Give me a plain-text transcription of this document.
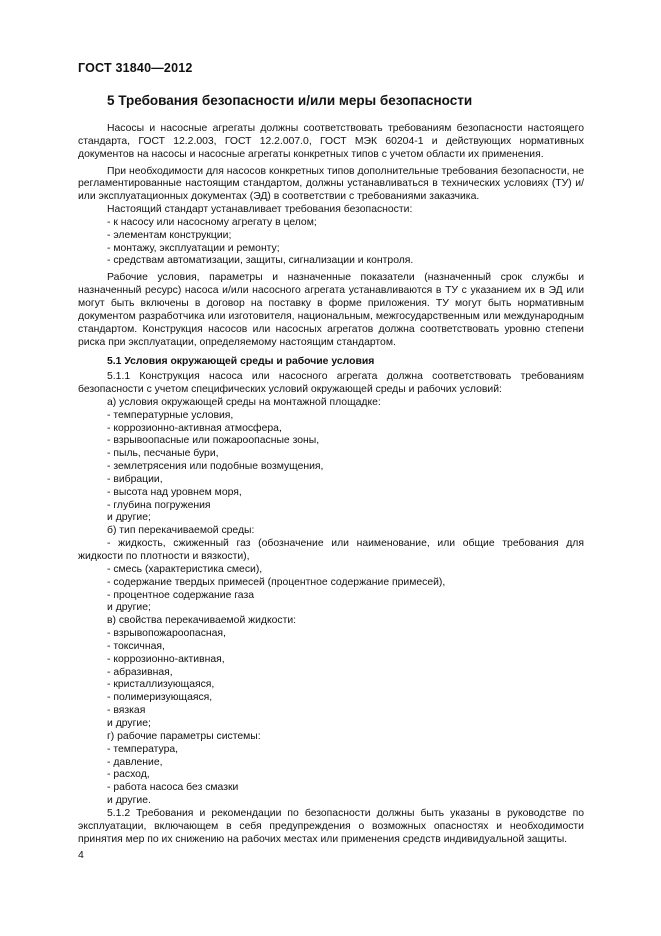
ГОСТ 31840—2012
5 Требования безопасности и/или меры безопасности
Насосы и насосные агрегаты должны соответствовать требованиям безопасности настоящего стандарта, ГОСТ 12.2.003, ГОСТ 12.2.007.0, ГОСТ МЭК 60204-1 и действующих нормативных документов на насосы и насосные агрегаты конкретных типов с учетом области их применения.
При необходимости для насосов конкретных типов дополнительные требования безопасности, не регламентированные настоящим стандартом, должны устанавливаться в технических условиях (ТУ) и/или эксплуатационных документах (ЭД) в соответствии с требованиями заказчика.
Настоящий стандарт устанавливает требования безопасности:
- к насосу или насосному агрегату в целом;
- элементам конструкции;
- монтажу, эксплуатации и ремонту;
- средствам автоматизации, защиты, сигнализации и контроля.
Рабочие условия, параметры и назначенные показатели (назначенный срок службы и назначенный ресурс) насоса и/или насосного агрегата устанавливаются в ТУ с указанием их в ЭД или могут быть включены в договор на поставку в форме приложения. ТУ могут быть нормативным документом разработчика или изготовителя, национальным, межгосударственным или международным стандартом. Конструкция насосов или насосных агрегатов должна соответствовать уровню степени риска при эксплуатации, определяемому настоящим стандартом.
5.1 Условия окружающей среды и рабочие условия
5.1.1 Конструкция насоса или насосного агрегата должна соответствовать требованиям безопасности с учетом специфических условий окружающей среды и рабочих условий:
а) условия окружающей среды на монтажной площадке:
- температурные условия,
- коррозионно-активная атмосфера,
- взрывоопасные или пожароопасные зоны,
- пыль, песчаные бури,
- землетрясения или подобные возмущения,
- вибрации,
- высота над уровнем моря,
- глубина погружения
и другие;
б) тип перекачиваемой среды:
- жидкость, сжиженный газ (обозначение или наименование, или общие требования для жидкости по плотности и вязкости),
- смесь (характеристика смеси),
- содержание твердых примесей (процентное содержание примесей),
- процентное содержание газа
и другие;
в) свойства перекачиваемой жидкости:
- взрывопожароопасная,
- токсичная,
- коррозионно-активная,
- абразивная,
- кристаллизующаяся,
- полимеризующаяся,
- вязкая
и другие;
г) рабочие параметры системы:
- температура,
- давление,
- расход,
- работа насоса без смазки
и другие.
5.1.2 Требования и рекомендации по безопасности должны быть указаны в руководстве по эксплуатации, включающем в себя предупреждения о возможных опасностях и необходимости принятия мер по их снижению на рабочих местах или применения средств индивидуальной защиты.
4
